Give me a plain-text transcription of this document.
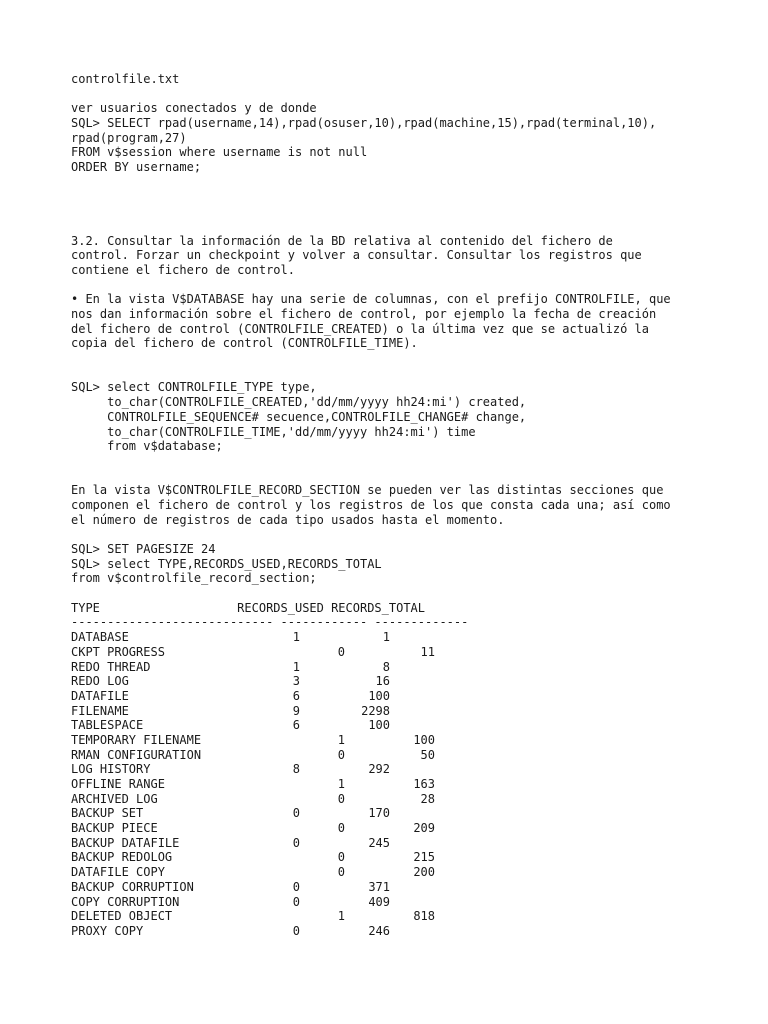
controlfile.txt
ver usuarios conectados y de donde
SQL> SELECT rpad(username,14),rpad(osuser,10),rpad(machine,15),rpad(terminal,10),
rpad(program,27)
FROM v$session where username is not null
ORDER BY username;
3.2. Consultar la información de la BD relativa al contenido del fichero de
control. Forzar un checkpoint y volver a consultar. Consultar los registros que
contiene el fichero de control.
• En la vista V$DATABASE hay una serie de columnas, con el prefijo CONTROLFILE, que
nos dan información sobre el fichero de control, por ejemplo la fecha de creación
del fichero de control (CONTROLFILE_CREATED) o la última vez que se actualizó la
copia del fichero de control (CONTROLFILE_TIME).
SQL> select CONTROLFILE_TYPE type,
to_char(CONTROLFILE_CREATED,'dd/mm/yyyy hh24:mi') created,
CONTROLFILE_SEQUENCE# secuence,CONTROLFILE_CHANGE# change,
to_char(CONTROLFILE_TIME,'dd/mm/yyyy hh24:mi') time
from v$database;
En la vista V$CONTROLFILE_RECORD_SECTION se pueden ver las distintas secciones que
componen el fichero de control y los registros de los que consta cada una; así como
el número de registros de cada tipo usados hasta el momento.
SQL> SET PAGESIZE 24
SQL> select TYPE,RECORDS_USED,RECORDS_TOTAL
from v$controlfile_record_section;
TYPE                   RECORDS_USED RECORDS_TOTAL
---------------------------- ------------ -------------
DATABASE	1	1
CKPT PROGRESS	0	11
REDO THREAD	1	8
REDO LOG	3	16
DATAFILE	6	100
FILENAME	9	2298
TABLESPACE	6	100
TEMPORARY FILENAME	1	100
RMAN CONFIGURATION	0	50
LOG HISTORY	8	292
OFFLINE RANGE	1	163
ARCHIVED LOG	0	28
BACKUP SET	0	170
BACKUP PIECE	0	209
BACKUP DATAFILE	0	245
BACKUP REDOLOG	0	215
DATAFILE COPY	0	200
BACKUP CORRUPTION	0	371
COPY CORRUPTION	0	409
DELETED OBJECT	1	818
PROXY COPY	0	246
